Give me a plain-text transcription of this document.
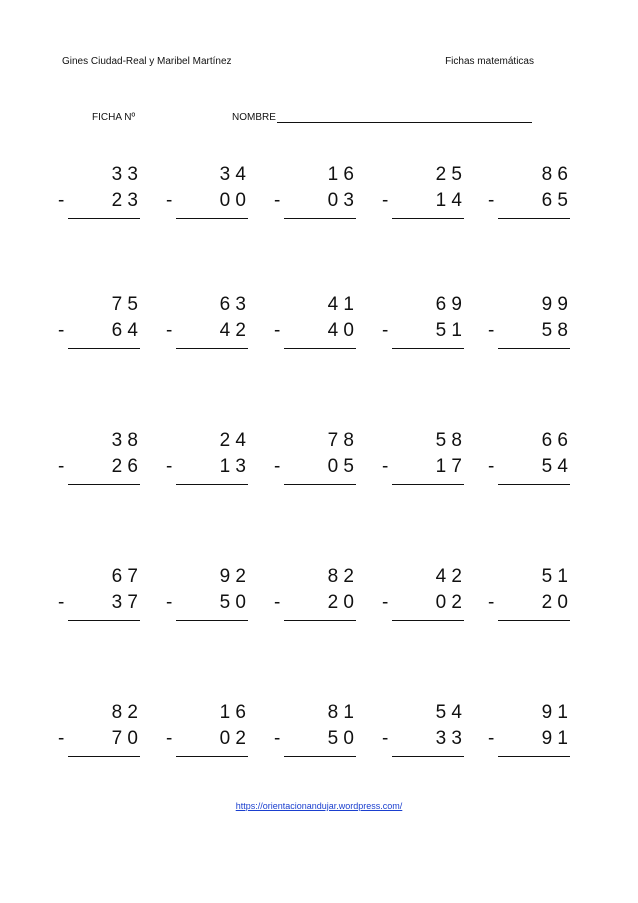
Gines Ciudad-Real y Maribel Martínez	Fichas matemáticas
FICHA Nº	NOMBRE
3 3
-	2 3
3 4
-	0 0
1 6
-	0 3
2 5
-	1 4
8 6
-	6 5
7 5
-	6 4
6 3
-	4 2
4 1
-	4 0
6 9
-	5 1
9 9
-	5 8
3 8
-	2 6
2 4
-	1 3
7 8
-	0 5
5 8
-	1 7
6 6
-	5 4
6 7
-	3 7
9 2
-	5 0
8 2
-	2 0
4 2
-	0 2
5 1
-	2 0
8 2
-	7 0
1 6
-	0 2
8 1
-	5 0
5 4
-	3 3
9 1
-	9 1
https://orientacionandujar.wordpress.com/
